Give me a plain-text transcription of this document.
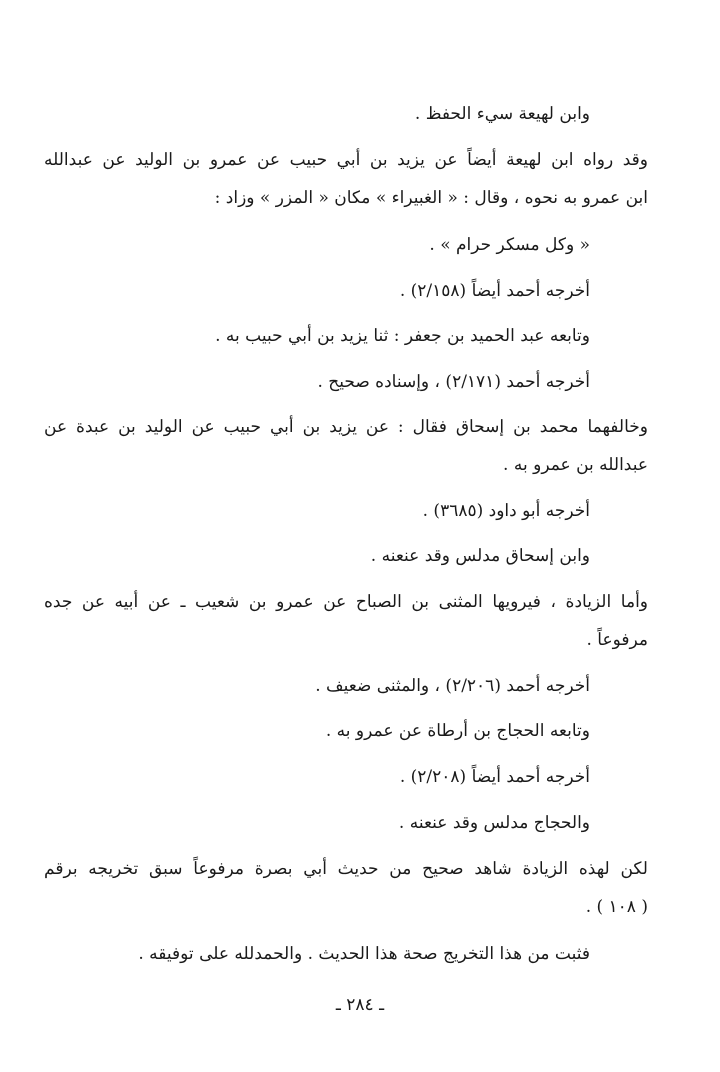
وابن لهيعة سيء الحفظ .
وقد رواه ابن لهيعة أيضاً عن يزيد بن أبي حبيب عن عمرو بن الوليد عن عبدالله
ابن عمرو به نحوه ، وقال : « الغبيراء » مكان « المزر » وزاد :
« وكل مسكر حرام » .
أخرجه أحمد أيضاً (٢/١٥٨) .
وتابعه عبد الحميد بن جعفر : ثنا يزيد بن أبي حبيب به .
أخرجه أحمد (٢/١٧١) ، وإسناده صحيح .
وخالفهما محمد بن إسحاق فقال : عن يزيد بن أبي حبيب عن الوليد بن عبدة عن
عبدالله بن عمرو به .
أخرجه أبو داود (٣٦٨٥) .
وابن إسحاق مدلس وقد عنعنه .
وأما الزيادة ، فيرويها المثنى بن الصباح عن عمرو بن شعيب ـ عن أبيه عن جده
مرفوعاً .
أخرجه أحمد (٢/٢٠٦) ، والمثنى ضعيف .
وتابعه الحجاج بن أرطاة عن عمرو به .
أخرجه أحمد أيضاً (٢/٢٠٨) .
والحجاج مدلس وقد عنعنه .
لكن لهذه الزيادة شاهد صحيح من حديث أبي بصرة مرفوعاً سبق تخريجه برقم
( ١٠٨ ) .
فثبت من هذا التخريج صحة هذا الحديث . والحمدلله على توفيقه .
ـ ٢٨٤ ـ
